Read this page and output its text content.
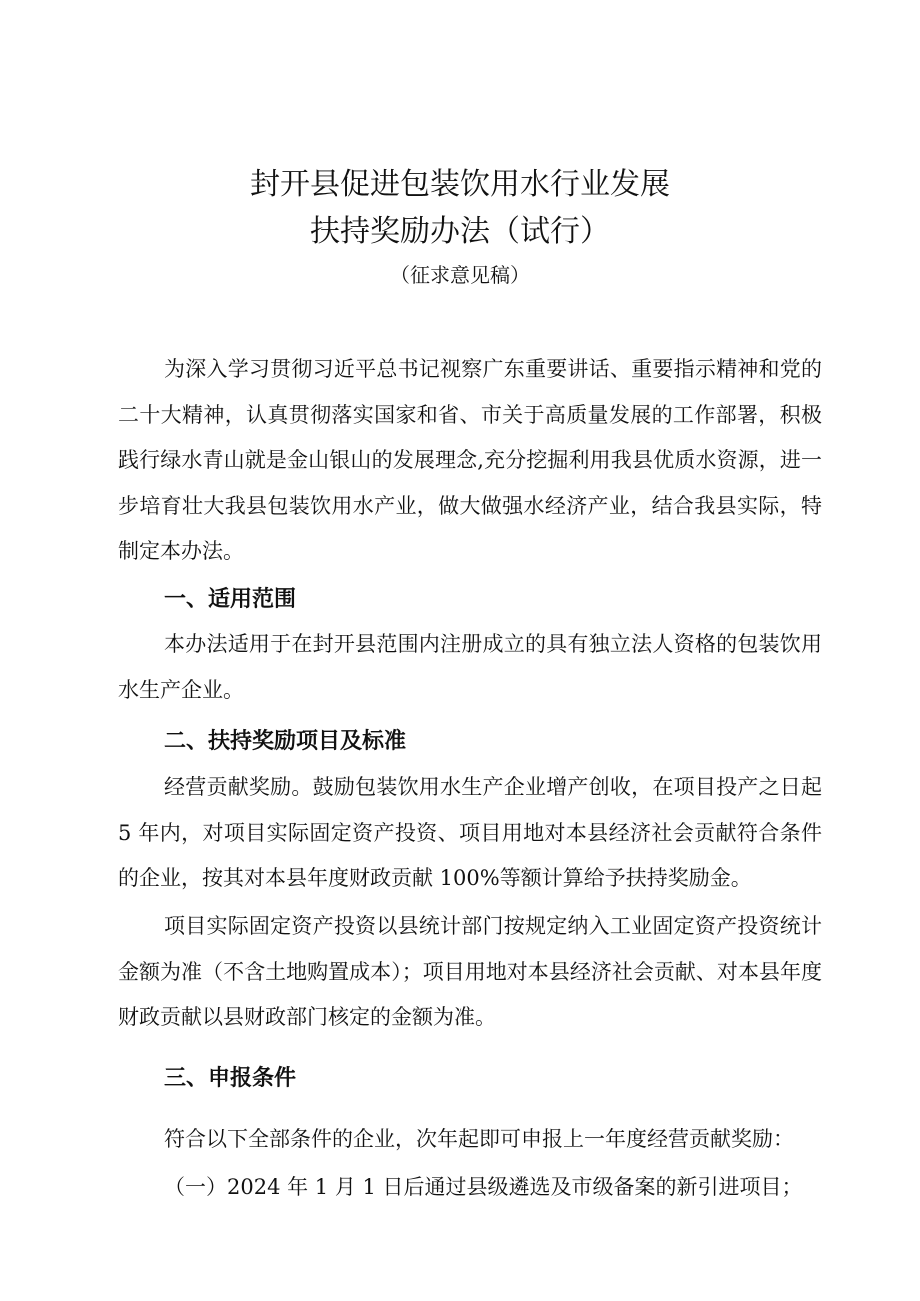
封开县促进包装饮用水行业发展
扶持奖励办法（试行）
（征求意见稿）

为深入学习贯彻习近平总书记视察广东重要讲话、重要指示精神和党的二十大精神，认真贯彻落实国家和省、市关于高质量发展的工作部署，积极践行绿水青山就是金山银山的发展理念,充分挖掘利用我县优质水资源，进一步培育壮大我县包装饮用水产业，做大做强水经济产业，结合我县实际，特制定本办法。

一、适用范围

本办法适用于在封开县范围内注册成立的具有独立法人资格的包装饮用水生产企业。

二、扶持奖励项目及标准

经营贡献奖励。鼓励包装饮用水生产企业增产创收，在项目投产之日起 5 年内，对项目实际固定资产投资、项目用地对本县经济社会贡献符合条件的企业，按其对本县年度财政贡献 100%等额计算给予扶持奖励金。

项目实际固定资产投资以县统计部门按规定纳入工业固定资产投资统计金额为准（不含土地购置成本）；项目用地对本县经济社会贡献、对本县年度财政贡献以县财政部门核定的金额为准。

三、申报条件
符合以下全部条件的企业，次年起即可申报上一年度经营贡献奖励：
（一）2024 年 1 月 1 日后通过县级遴选及市级备案的新引进项目；
